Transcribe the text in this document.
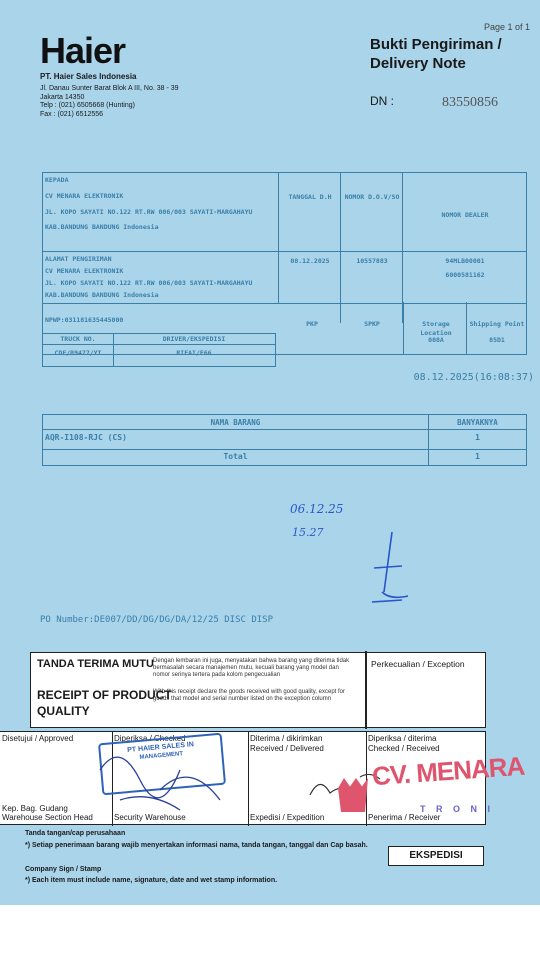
Haier
PT. Haier Sales Indonesia
Jl. Danau Sunter Barat Blok A III, No. 38 - 39
Jakarta 14350
Telp : (021) 6505668 (Hunting)
Fax : (021) 6512556
Page 1 of 1
Bukti Pengiriman /
Delivery Note
DN :	83550856
KEPADA
CV MENARA ELEKTRONIK
JL. KOPO SAYATI NO.122 RT.RW 006/003 SAYATI-MARGAHAYU
KAB.BANDUNG BANDUNG Indonesia
ALAMAT PENGIRIMAN
CV MENARA ELEKTRONIK
JL. KOPO SAYATI NO.122 RT.RW 006/003 SAYATI-MARGAHAYU
KAB.BANDUNG BANDUNG Indonesia
TANGGAL D.H	NOMOR D.O.V/SO
NOMOR DEALER
08.12.2025	10557883	94MLB00001
6000581162
NPWP:031181635445000	PKP	SPKP	Storage Location
Shipping Point
008A	85D1
TRUCK NO.	DRIVER/EKSPEDISI
CDE/B9477/YT	RIFAI/E66
08.12.2025(16:08:37)
NAMA BARANG	BANYAKNYA
AQR-I108-RJC (CS)	1
Total	1
06.12.25
15.27
PO Number:DE007/DD/DG/DG/DA/12/25 DISC DISP
TANDA TERIMA MUTU Dengan lembaran ini juga, menyatakan bahwa barang yang diterima tidak bermasalah secara manajemen mutu, kecuali barang yang model dan nomor serinya tertera pada kolom pengecualian
RECEIPT OF PRODUCT
QUALITY
With this receipt declare the goods received with good quality, except for goods that model and serial number listed on the exception column
Perkecualian / Exception
Disetujui / Approved	Diperiksa / Checked	Diterima / dikirimkan
Received / Delivered
Diperiksa / diterima
Checked / Received
Kep. Bag. Gudang
Warehouse Section Head	Security Warehouse	Expedisi / Expedition	Penerima / Receiver
PT HAIER SALES IN
MANAGEMENT	CV. MENARA
T R O N I
Tanda tangan/cap perusahaan
*) Setiap penerimaan barang wajib menyertakan informasi nama, tanda tangan, tanggal dan Cap basah.
EKSPEDISI
Company Sign / Stamp
*) Each item must include name, signature, date and wet stamp information.
